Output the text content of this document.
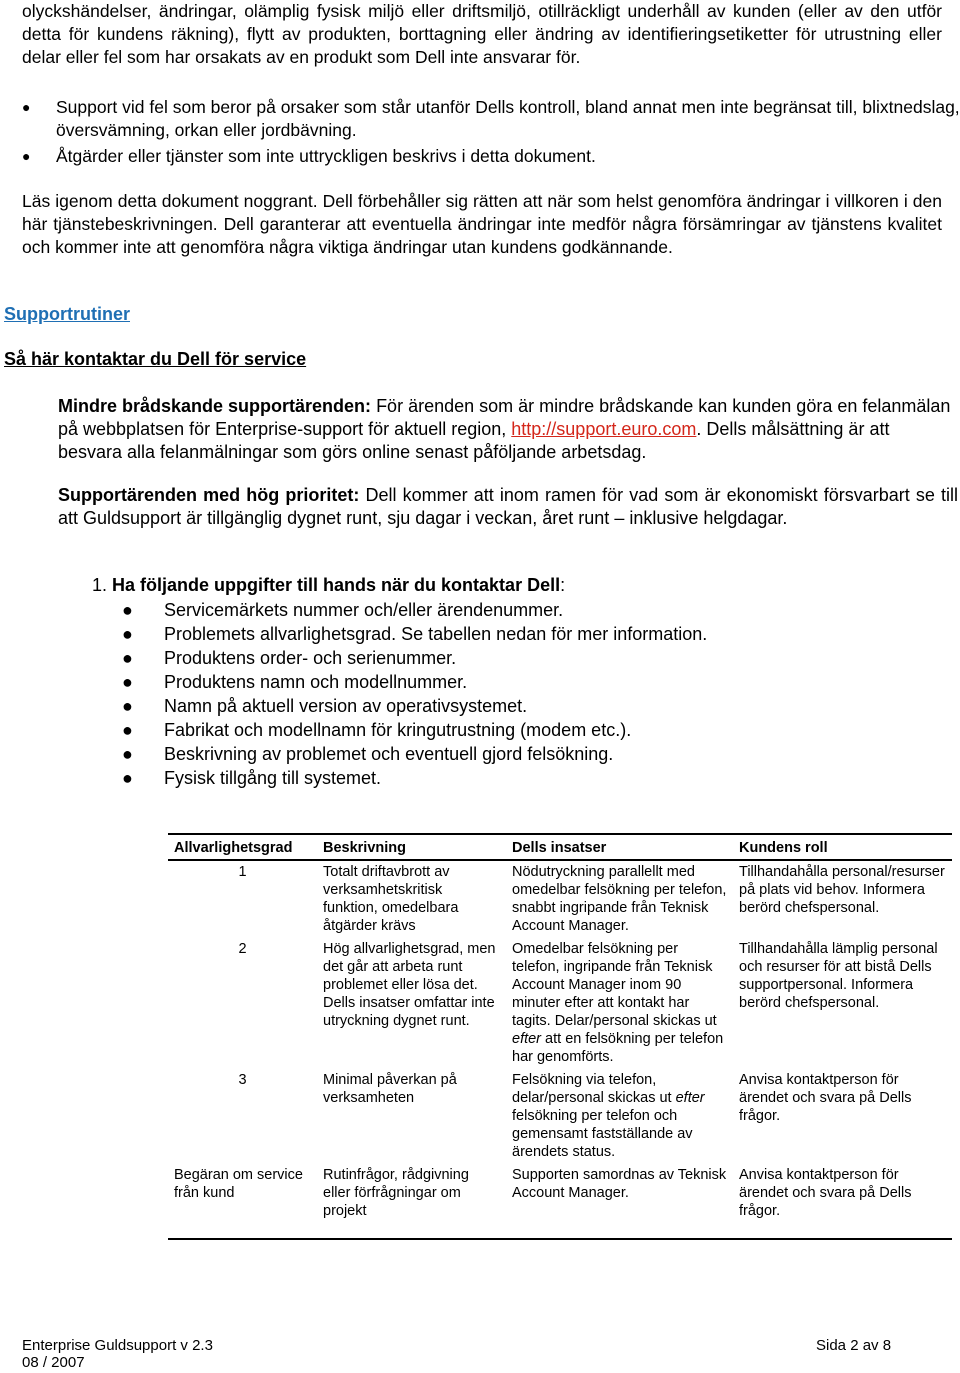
olyckshändelser, ändringar, olämplig fysisk miljö eller driftsmiljö, otillräckligt underhåll av kunden (eller av den utför detta för kundens räkning), flytt av produkten, borttagning eller ändring av identifieringsetiketter för utrustning eller delar eller fel som har orsakats av en produkt som Dell inte ansvarar för.

● Support vid fel som beror på orsaker som står utanför Dells kontroll, bland annat men inte begränsat till, blixtnedslag, översvämning, orkan eller jordbävning.
● Åtgärder eller tjänster som inte uttryckligen beskrivs i detta dokument.

Läs igenom detta dokument noggrant. Dell förbehåller sig rätten att när som helst genomföra ändringar i villkoren i den här tjänstebeskrivningen. Dell garanterar att eventuella ändringar inte medför några försämringar av tjänstens kvalitet och kommer inte att genomföra några viktiga ändringar utan kundens godkännande.

Supportrutiner
Så här kontaktar du Dell för service

Mindre brådskande supportärenden: För ärenden som är mindre brådskande kan kunden göra en felanmälan på webbplatsen för Enterprise-support för aktuell region, http://support.euro.com. Dells målsättning är att besvara alla felanmälningar som görs online senast påföljande arbetsdag.

Supportärenden med hög prioritet: Dell kommer att inom ramen för vad som är ekonomiskt försvarbart se till att Guldsupport är tillgänglig dygnet runt, sju dagar i veckan, året runt – inklusive helgdagar.

1. Ha följande uppgifter till hands när du kontaktar Dell:
● Servicemärkets nummer och/eller ärendenummer.
● Problemets allvarlighetsgrad. Se tabellen nedan för mer information.
● Produktens order- och serienummer.
● Produktens namn och modellnummer.
● Namn på aktuell version av operativsystemet.
● Fabrikat och modellnamn för kringutrustning (modem etc.).
● Beskrivning av problemet och eventuell gjord felsökning.
● Fysisk tillgång till systemet.
Allvarlighetsgrad	Beskrivning	Dells insatser	Kundens roll
1	Totalt driftavbrott av verksamhetskritisk funktion, omedelbara åtgärder krävs	Nödutryckning parallellt med omedelbar felsökning per telefon, snabbt ingripande från Teknisk Account Manager.	Tillhandahålla personal/resurser på plats vid behov. Informera berörd chefspersonal.
2	Hög allvarlighetsgrad, men det går att arbeta runt problemet eller lösa det. Dells insatser omfattar inte utryckning dygnet runt.	Omedelbar felsökning per telefon, ingripande från Teknisk Account Manager inom 90 minuter efter att kontakt har tagits. Delar/personal skickas ut efter att en felsökning per telefon har genomförts.	Tillhandahålla lämplig personal och resurser för att bistå Dells supportpersonal. Informera berörd chefspersonal.
3	Minimal påverkan på verksamheten	Felsökning via telefon, delar/personal skickas ut efter felsökning per telefon och gemensamt fastställande av ärendets status.	Anvisa kontaktperson för ärendet och svara på Dells frågor.
Begäran om service från kund	Rutinfrågor, rådgivning eller förfrågningar om projekt	Supporten samordnas av Teknisk Account Manager.	Anvisa kontaktperson för ärendet och svara på Dells frågor.
Enterprise Guldsupport v 2.3
08 / 2007
Sida 2 av 8
